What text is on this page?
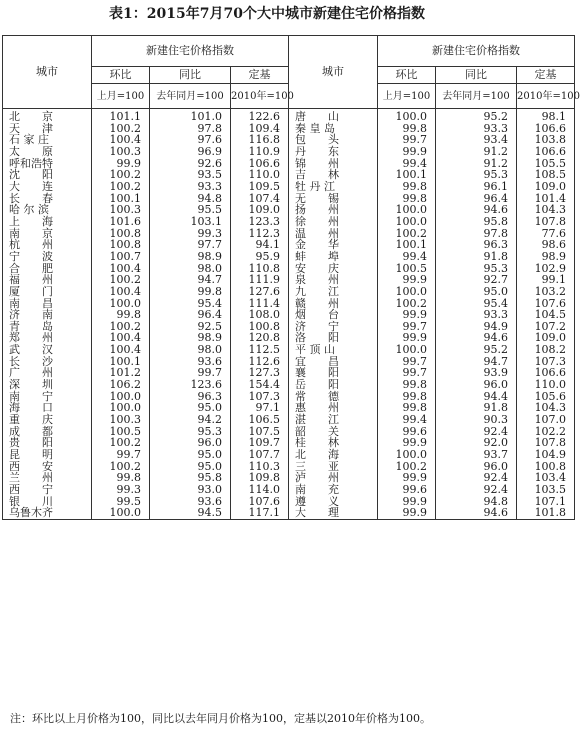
表1：2015年7月70个大中城市新建住宅价格指数
城市	新建住宅价格指数			城市	新建住宅价格指数		
	环比	同比	定基		环比	同比	定基
	上月=100	去年同月=100	2010年=100		上月=100	去年同月=100	2010年=100
北　　京	101.1	101.0	122.6	唐　　山	100.0	95.2	98.1
天　　津	100.2	97.8	109.4	秦 皇 岛	99.8	93.3	106.6
石 家 庄	100.4	97.6	116.8	包　　头	99.7	93.4	103.8
太　　原	100.3	96.9	110.9	丹　　东	99.9	91.2	106.6
呼和浩特	99.9	92.6	106.6	锦　　州	99.4	91.2	105.5
沈　　阳	100.2	93.5	110.0	吉　　林	100.1	95.3	108.5
大　　连	100.2	93.3	109.5	牡 丹 江	99.8	96.1	109.0
长　　春	100.1	94.8	107.4	无　　锡	99.8	96.4	101.4
哈 尔 滨	100.3	95.5	109.0	扬　　州	100.0	94.6	104.3
上　　海	101.6	103.1	123.3	徐　　州	100.0	95.8	107.8
南　　京	100.8	99.3	112.3	温　　州	100.2	97.8	77.6
杭　　州	100.8	97.7	94.1	金　　华	100.1	96.3	98.6
宁　　波	100.7	98.9	95.9	蚌　　埠	99.4	91.8	98.9
合　　肥	100.4	98.0	110.8	安　　庆	100.5	95.3	102.9
福　　州	100.2	94.7	111.9	泉　　州	99.9	92.7	99.1
厦　　门	100.4	99.8	127.6	九　　江	100.0	95.0	103.2
南　　昌	100.0	95.4	111.4	赣　　州	100.2	95.4	107.6
济　　南	99.8	96.4	108.0	烟　　台	99.9	93.3	104.5
青　　岛	100.2	92.5	100.8	济　　宁	99.7	94.9	107.2
郑　　州	100.4	98.9	120.8	洛　　阳	99.9	94.6	109.0
武　　汉	100.4	98.0	112.5	平 顶 山	100.0	95.2	108.2
长　　沙	100.1	93.6	112.6	宜　　昌	99.7	94.7	107.3
广　　州	101.2	99.7	127.3	襄　　阳	99.7	93.9	106.6
深　　圳	106.2	123.6	154.4	岳　　阳	99.8	96.0	110.0
南　　宁	100.0	96.3	107.3	常　　德	99.8	94.4	105.6
海　　口	100.0	95.0	97.1	惠　　州	99.8	91.8	104.3
重　　庆	100.3	94.2	106.5	湛　　江	99.4	90.3	107.0
成　　都	100.5	95.3	107.5	韶　　关	99.6	92.4	102.2
贵　　阳	100.2	96.0	109.7	桂　　林	99.9	92.0	107.8
昆　　明	99.7	95.0	107.7	北　　海	100.0	93.7	104.9
西　　安	100.2	95.0	110.3	三　　亚	100.2	96.0	100.8
兰　　州	99.8	95.8	109.8	泸　　州	99.9	92.4	103.4
西　　宁	99.3	93.0	114.0	南　　充	99.6	92.4	103.5
银　　川	99.5	93.6	107.6	遵　　义	99.9	94.8	107.1
乌鲁木齐	100.0	94.5	117.1	大　　理	99.9	94.6	101.8
注：环比以上月价格为100，同比以去年同月价格为100，定基以2010年价格为100。
